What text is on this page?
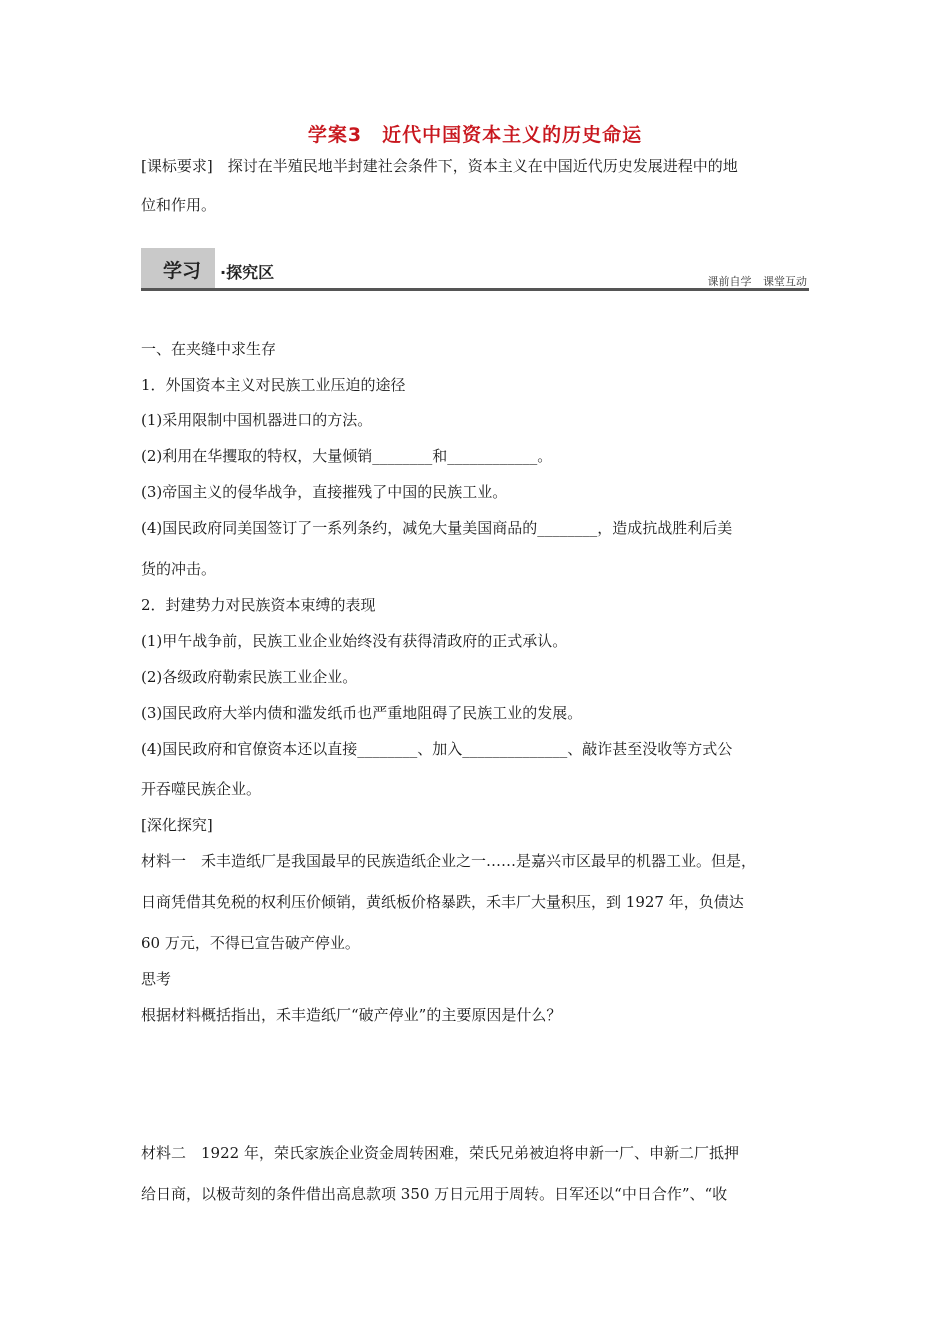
学案3　近代中国资本主义的历史命运
[课标要求]　探讨在半殖民地半封建社会条件下，资本主义在中国近代历史发展进程中的地
位和作用。
学习 ·探究区	课前自学 课堂互动
一、在夹缝中求生存
1．外国资本主义对民族工业压迫的途径
(1)采用限制中国机器进口的方法。
(2)利用在华攫取的特权，大量倾销________和____________。
(3)帝国主义的侵华战争，直接摧残了中国的民族工业。
(4)国民政府同美国签订了一系列条约，减免大量美国商品的________，造成抗战胜利后美
货的冲击。
2．封建势力对民族资本束缚的表现
(1)甲午战争前，民族工业企业始终没有获得清政府的正式承认。
(2)各级政府勒索民族工业企业。
(3)国民政府大举内债和滥发纸币也严重地阻碍了民族工业的发展。
(4)国民政府和官僚资本还以直接________、加入______________、敲诈甚至没收等方式公
开吞噬民族企业。
[深化探究]
材料一　禾丰造纸厂是我国最早的民族造纸企业之一……是嘉兴市区最早的机器工业。但是，
日商凭借其免税的权利压价倾销，黄纸板价格暴跌，禾丰厂大量积压，到 1927 年，负债达
60 万元，不得已宣告破产停业。
思考
根据材料概括指出，禾丰造纸厂“破产停业”的主要原因是什么？
材料二　1922 年，荣氏家族企业资金周转困难，荣氏兄弟被迫将申新一厂、申新二厂抵押
给日商，以极苛刻的条件借出高息款项 350 万日元用于周转。日军还以“中日合作”、“收
